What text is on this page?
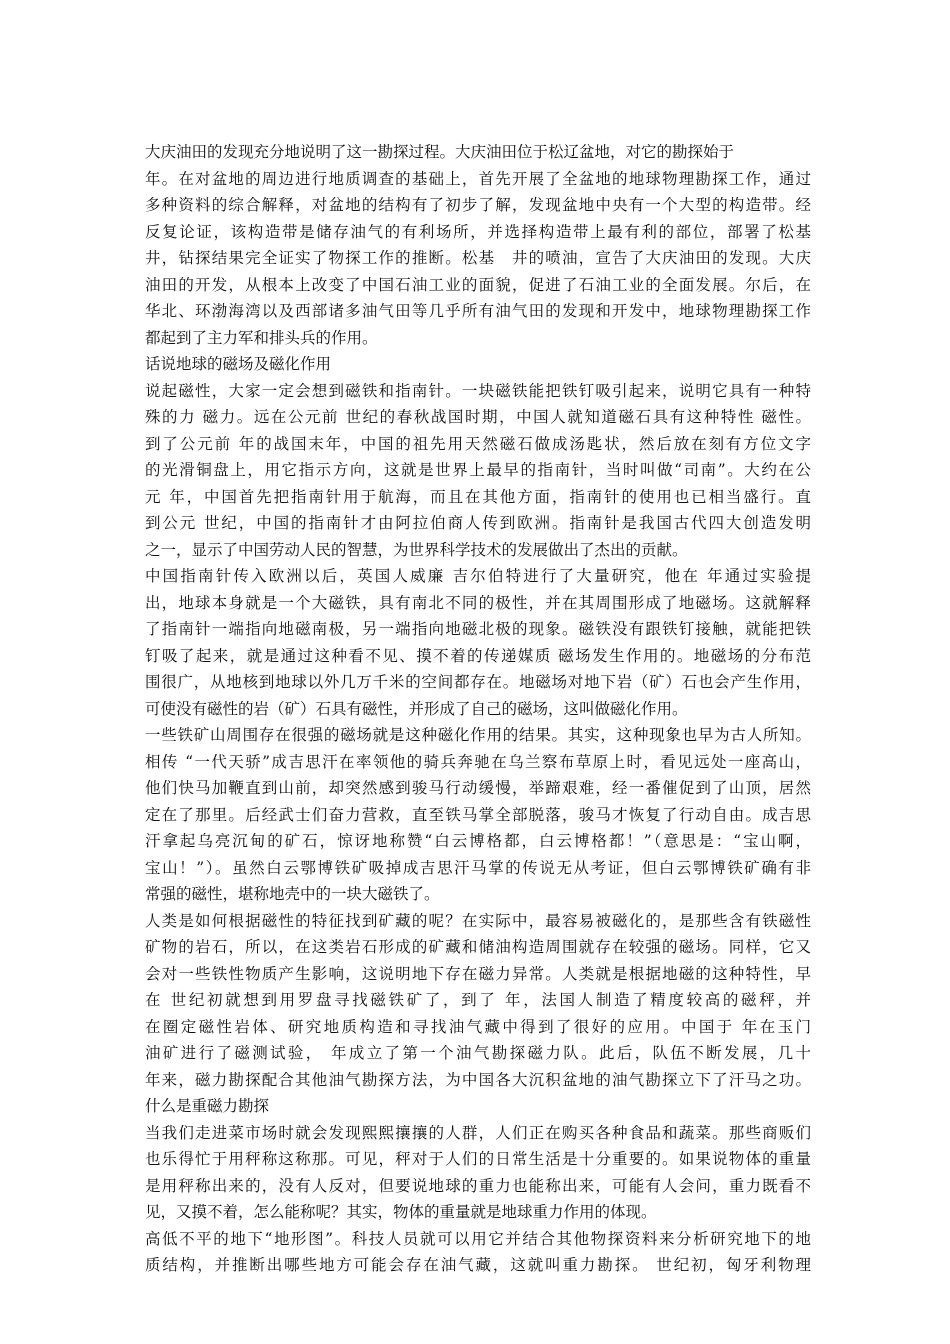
大庆油田的发现充分地说明了这一勘探过程。大庆油田位于松辽盆地，对它的勘探始于
年。在对盆地的周边进行地质调查的基础上，首先开展了全盆地的地球物理勘探工作，通过
多种资料的综合解释，对盆地的结构有了初步了解，发现盆地中央有一个大型的构造带。经
反复论证，该构造带是储存油气的有利场所，并选择构造带上最有利的部位，部署了松基
井，钻探结果完全证实了物探工作的推断。松基　井的喷油，宣告了大庆油田的发现。大庆
油田的开发，从根本上改变了中国石油工业的面貌，促进了石油工业的全面发展。尔后，在
华北、环渤海湾以及西部诸多油气田等几乎所有油气田的发现和开发中，地球物理勘探工作
都起到了主力军和排头兵的作用。
话说地球的磁场及磁化作用
说起磁性，大家一定会想到磁铁和指南针。一块磁铁能把铁钉吸引起来，说明它具有一种特
殊的力 磁力。远在公元前 世纪的春秋战国时期，中国人就知道磁石具有这种特性 磁性。
到了公元前 年的战国末年，中国的祖先用天然磁石做成汤匙状，然后放在刻有方位文字
的光滑铜盘上，用它指示方向，这就是世界上最早的指南针，当时叫做“司南”。大约在公
元 年，中国首先把指南针用于航海，而且在其他方面，指南针的使用也已相当盛行。直
到公元 世纪，中国的指南针才由阿拉伯商人传到欧洲。指南针是我国古代四大创造发明
之一，显示了中国劳动人民的智慧，为世界科学技术的发展做出了杰出的贡献。
中国指南针传入欧洲以后，英国人威廉 吉尔伯特进行了大量研究，他在 年通过实验提
出，地球本身就是一个大磁铁，具有南北不同的极性，并在其周围形成了地磁场。这就解释
了指南针一端指向地磁南极，另一端指向地磁北极的现象。磁铁没有跟铁钉接触，就能把铁
钉吸了起来，就是通过这种看不见、摸不着的传递媒质 磁场发生作用的。地磁场的分布范
围很广，从地核到地球以外几万千米的空间都存在。地磁场对地下岩（矿）石也会产生作用，
可使没有磁性的岩（矿）石具有磁性，并形成了自己的磁场，这叫做磁化作用。
一些铁矿山周围存在很强的磁场就是这种磁化作用的结果。其实，这种现象也早为古人所知。
相传 “一代天骄”成吉思汗在率领他的骑兵奔驰在乌兰察布草原上时，看见远处一座高山，
他们快马加鞭直到山前，却突然感到骏马行动缓慢，举蹄艰难，经一番催促到了山顶，居然
定在了那里。后经武士们奋力营救，直至铁马掌全部脱落，骏马才恢复了行动自由。成吉思
汗拿起乌亮沉甸的矿石，惊讶地称赞“白云博格都，白云博格都！”（意思是：“宝山啊，
宝山！”）。虽然白云鄂博铁矿吸掉成吉思汗马掌的传说无从考证，但白云鄂博铁矿确有非
常强的磁性，堪称地壳中的一块大磁铁了。
人类是如何根据磁性的特征找到矿藏的呢？在实际中，最容易被磁化的，是那些含有铁磁性
矿物的岩石，所以，在这类岩石形成的矿藏和储油构造周围就存在较强的磁场。同样，它又
会对一些铁性物质产生影响，这说明地下存在磁力异常。人类就是根据地磁的这种特性，早
在 世纪初就想到用罗盘寻找磁铁矿了，到了 年，法国人制造了精度较高的磁秤，并
在圈定磁性岩体、研究地质构造和寻找油气藏中得到了很好的应用。中国于 年在玉门
油矿进行了磁测试验， 年成立了第一个油气勘探磁力队。此后，队伍不断发展，几十
年来，磁力勘探配合其他油气勘探方法，为中国各大沉积盆地的油气勘探立下了汗马之功。
什么是重磁力勘探
当我们走进菜市场时就会发现熙熙攘攘的人群，人们正在购买各种食品和蔬菜。那些商贩们
也乐得忙于用秤称这称那。可见，秤对于人们的日常生活是十分重要的。如果说物体的重量
是用秤称出来的，没有人反对，但要说地球的重力也能称出来，可能有人会问，重力既看不
见，又摸不着，怎么能称呢？其实，物体的重量就是地球重力作用的体现。
高低不平的地下“地形图”。科技人员就可以用它并结合其他物探资料来分析研究地下的地
质结构，并推断出哪些地方可能会存在油气藏，这就叫重力勘探。 世纪初，匈牙利物理
